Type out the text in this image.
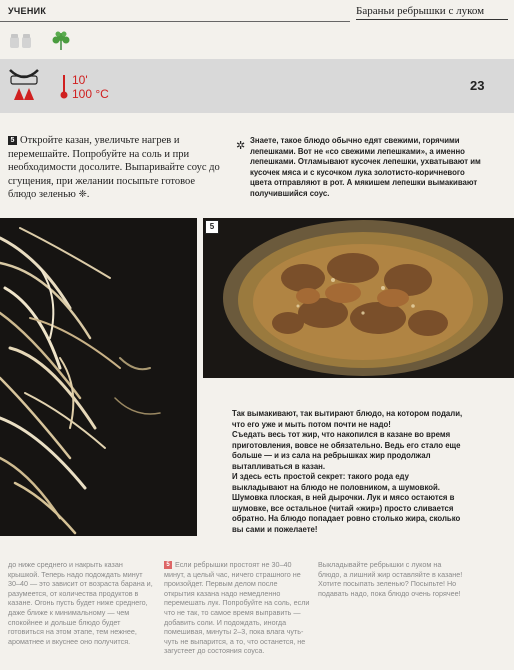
УЧЕНИК	Бараньи ребрышки с луком
10'
100 °C
23
5 Откройте казан, увеличьте нагрев и перемешайте. Попробуйте на соль и при необходимости досолите. Выпаривайте соус до сгущения, при желании посыпьте готовое блюдо зеленью ❈.
✲ Знаете, такое блюдо обычно едят свежими, горячими лепешками. Вот не «со свежими лепешками», а именно лепешками. Отламывают кусочек лепешки, ухватывают им кусочек мяса и с кусочком лука золотисто-коричневого цвета отправляют в рот. А мякишем лепешки вымакивают получившийся соус.
5

Так вымакивают, так вытирают блюдо, на котором подали, что его уже и мыть потом почти не надо!

Съедать весь тот жир, что накопился в казане во время приготовления, вовсе не обязательно. Ведь его стало еще больше — и из сала на ребрышках жир продолжал вытапливаться в казан.

И здесь есть простой секрет: такого рода еду выкладывают на блюдо не половником, а шумовкой.

Шумовка плоская, в ней дырочки. Лук и мясо остаются в шумовке, все остальное (читай «жир») просто сливается обратно. На блюдо попадает ровно столько жира, сколько вы сами и пожелаете!

до ниже среднего и накрыть казан крышкой. Теперь надо подождать минут 30–40 — это зависит от возраста барана и, разумеется, от количества продуктов в казане. Огонь пусть будет ниже среднего, даже ближе к минимальному — чем спокойнее и дольше блюдо будет готовиться на этом этапе, тем нежнее, ароматнее и вкуснее оно получится.
5 Если ребрышки простоят не 30–40 минут, а целый час, ничего страшного не произойдет. Первым делом после открытия казана надо немедленно перемешать лук. Попробуйте на соль, если что не так, то самое время выправить — добавить соли. И подождать, иногда помешивая, минуты 2–3, пока влага чуть-чуть не выпарится, а то, что останется, не загустеет до состояния соуса.
Выкладывайте ребрышки с луком на блюдо, а лишний жир оставляйте в казане! Хотите посыпать зеленью? Посыпьте! Но подавать надо, пока блюдо очень горячее!
